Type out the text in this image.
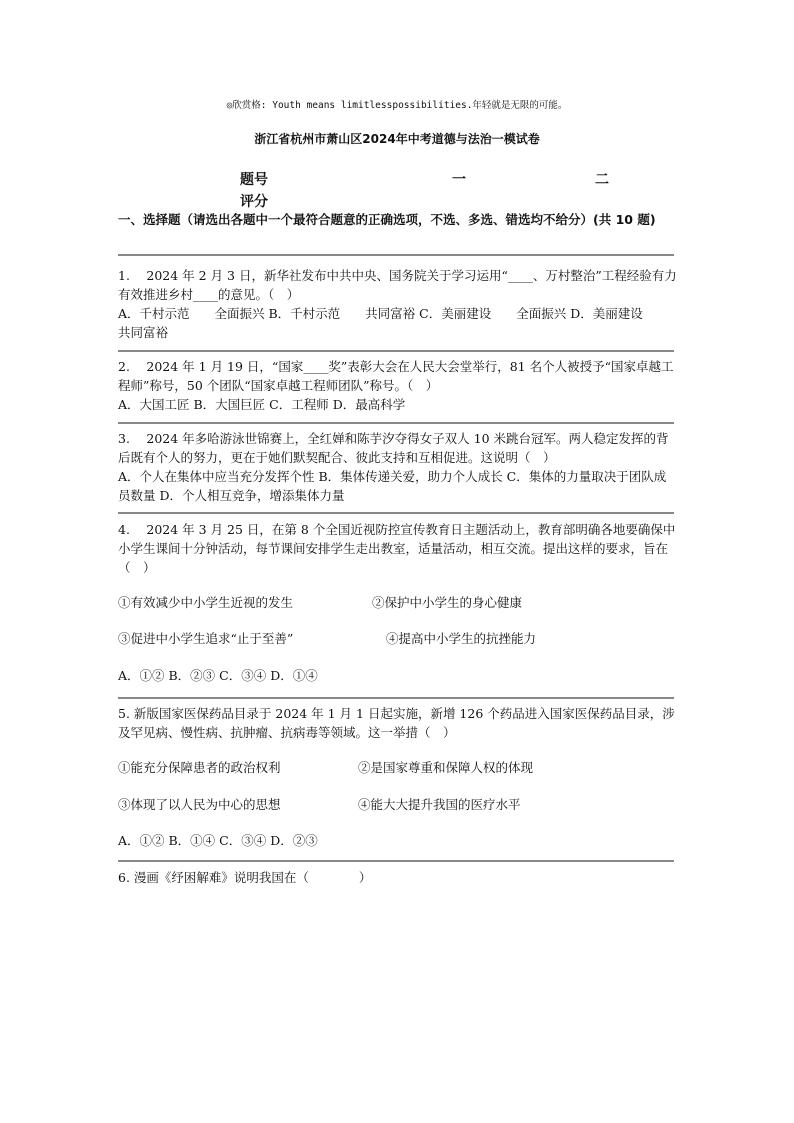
◎欣赏格: Youth means limitlesspossibilities.年轻就是无限的可能。
浙江省杭州市萧山区2024年中考道德与法治一模试卷
题号	一	二
评分
一、选择题（请选出各题中一个最符合题意的正确选项，不选、多选、错选均不给分）(共 10 题)

1.　 2024 年 2 月 3 日，新华社发布中共中央、国务院关于学习运用“____、万村整治”工程经验有力有效推进乡村____的意见。（　）

A．千村示范　　全面振兴 B．千村示范　　共同富裕 C．美丽建设　　全面振兴 D．美丽建设　　共同富裕

2.　 2024 年 1 月 19 日，“国家____奖”表彰大会在人民大会堂举行，81 名个人被授予“国家卓越工程师”称号，50 个团队“国家卓越工程师团队”称号。（　）

A．大国工匠 B．大国巨匠 C．工程师 D．最高科学

3.　 2024 年多哈游泳世锦赛上，全红婵和陈芋汐夺得女子双人 10 米跳台冠军。两人稳定发挥的背后既有个人的努力，更在于她们默契配合、彼此支持和互相促进。这说明（　）

A．个人在集体中应当充分发挥个性 B．集体传递关爱，助力个人成长 C．集体的力量取决于团队成员数量 D．个人相互竞争，增添集体力量

4.　 2024 年 3 月 25 日，在第 8 个全国近视防控宣传教育日主题活动上，教育部明确各地要确保中小学生课间十分钟活动，每节课间安排学生走出教室，适量活动，相互交流。提出这样的要求，旨在（　）

①有效减少中小学生近视的发生	②保护中小学生的身心健康
③促进中小学生追求“止于至善”	④提高中小学生的抗挫能力
A．①② B．②③ C．③④ D．①④

5. 新版国家医保药品目录于 2024 年 1 月 1 日起实施，新增 126 个药品进入国家医保药品目录，涉及罕见病、慢性病、抗肿瘤、抗病毒等领域。这一举措（　）

①能充分保障患者的政治权利	②是国家尊重和保障人权的体现
③体现了以人民为中心的思想	④能大大提升我国的医疗水平
A．①② B．①④ C．③④ D．②③

6. 漫画《纾困解难》说明我国在（　　　　）
